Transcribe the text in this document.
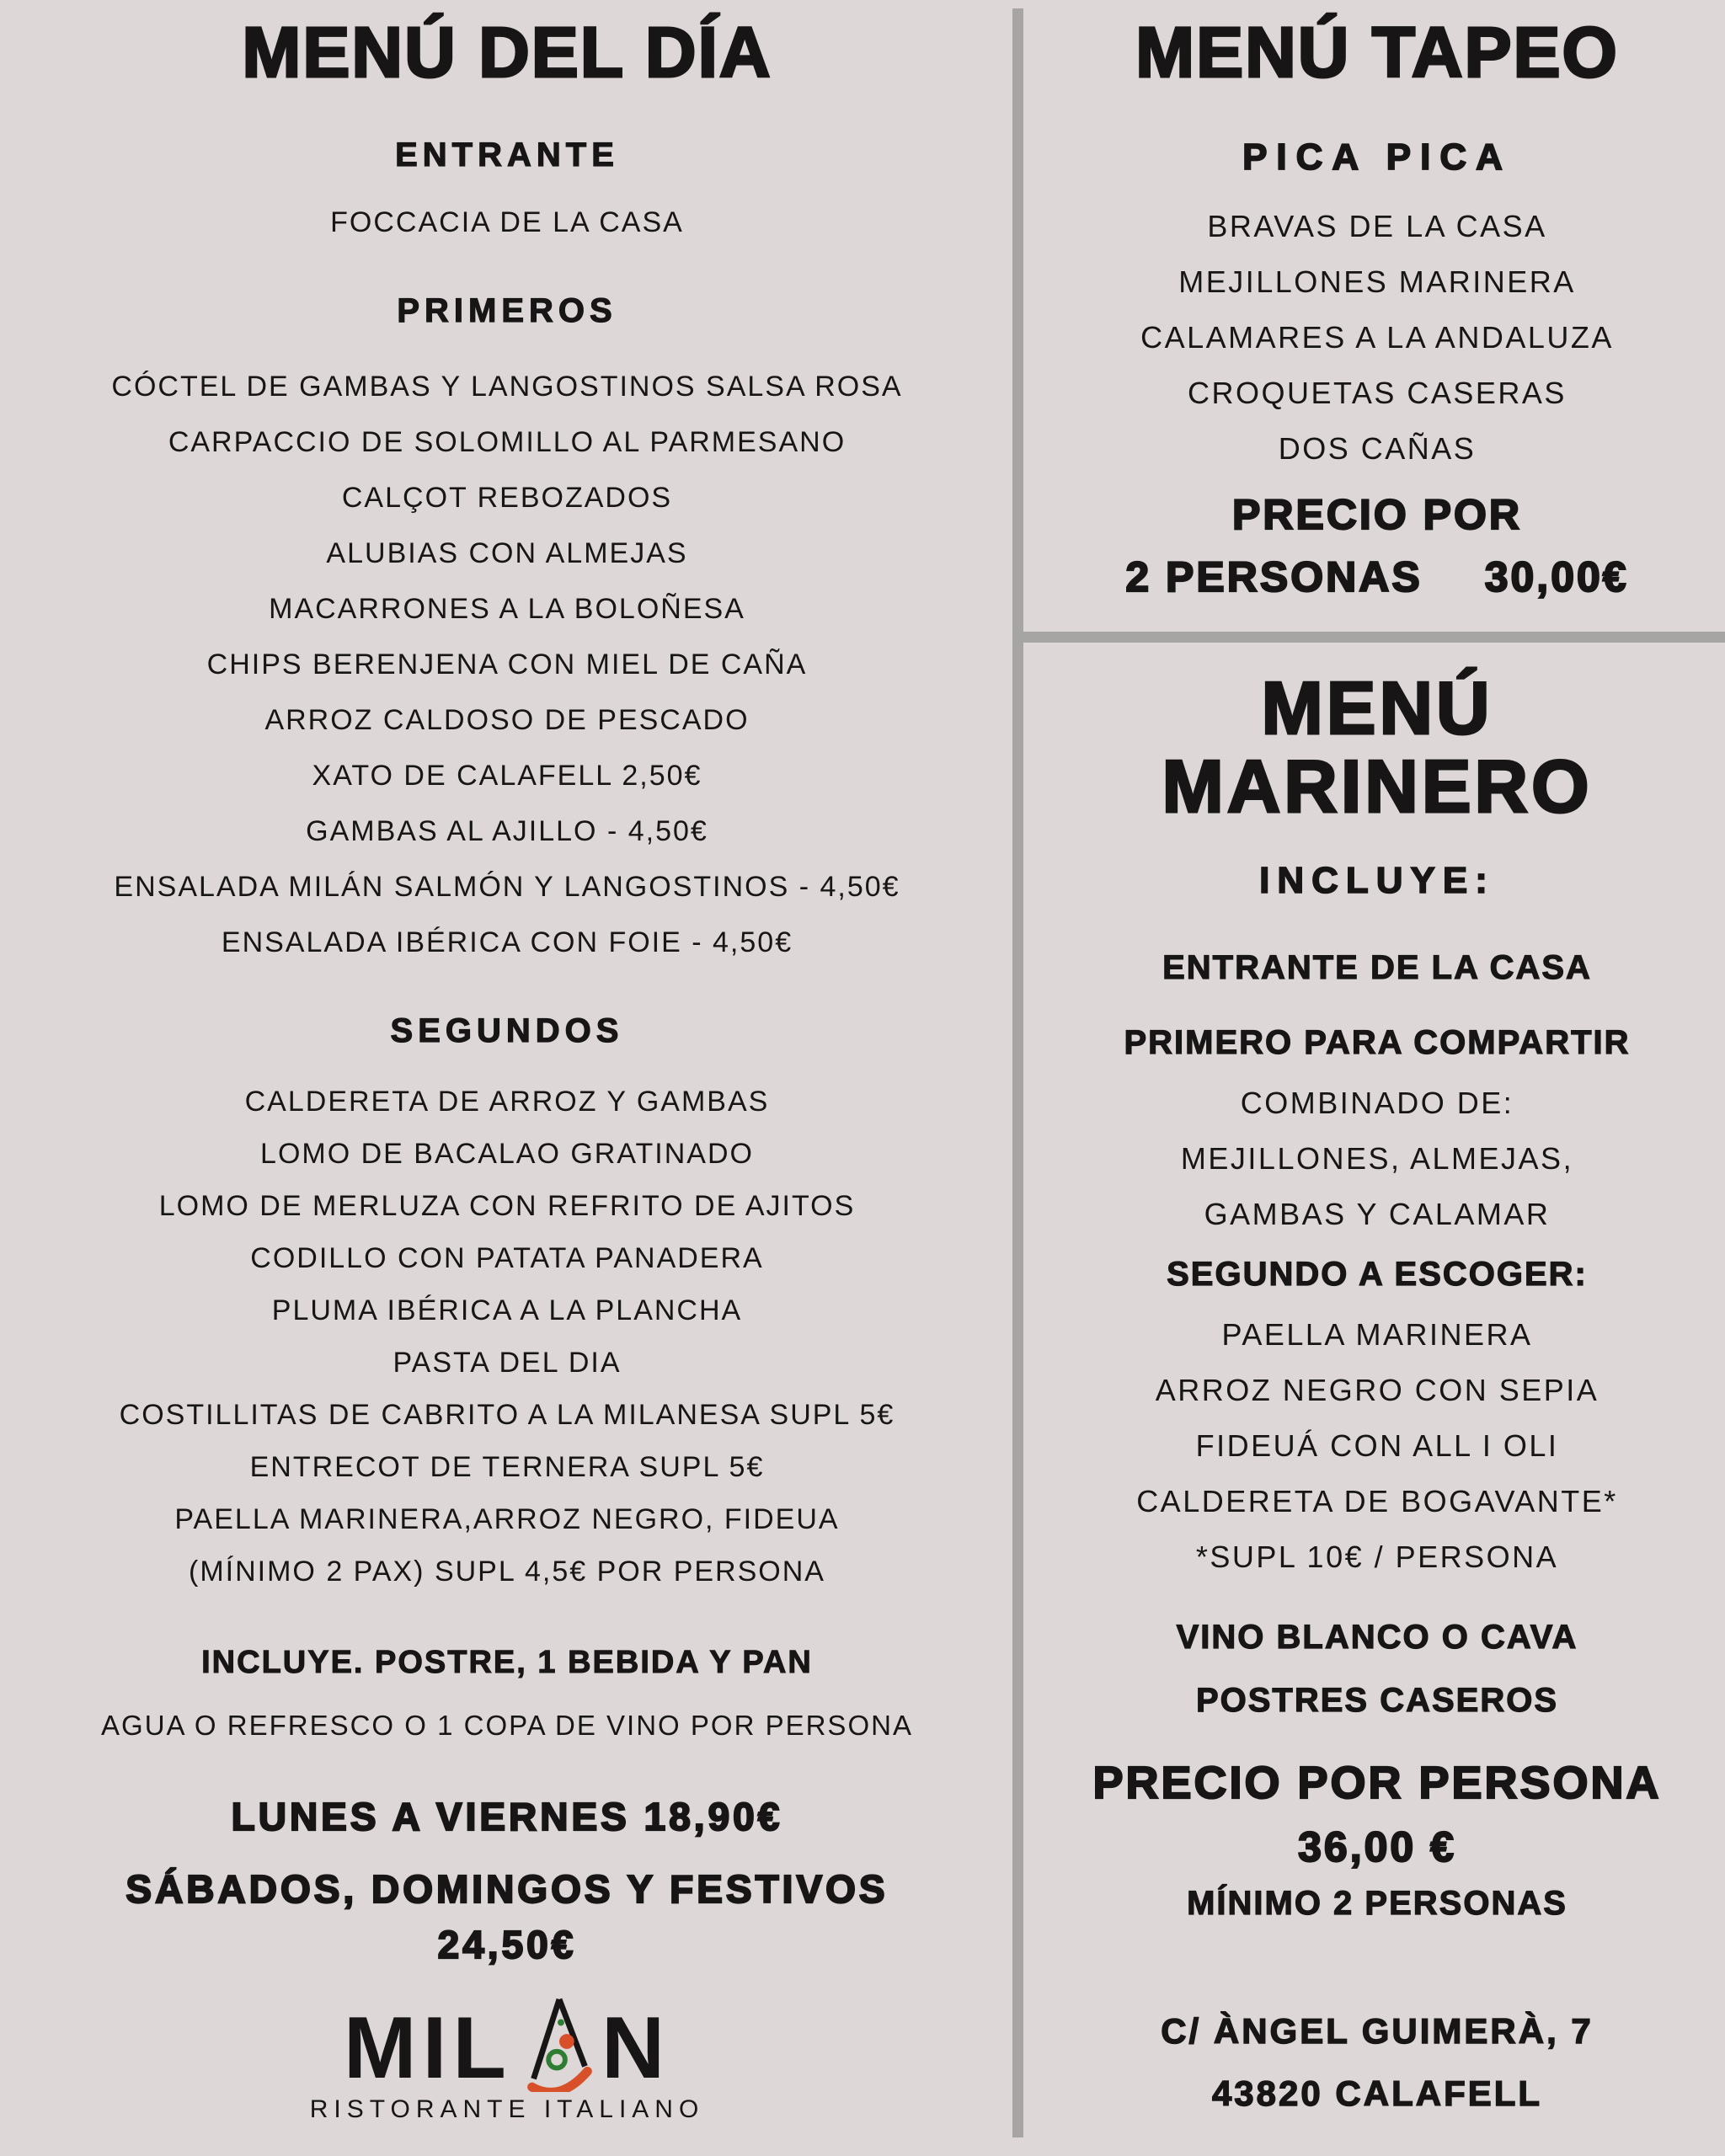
MENÚ DEL DÍA
ENTRANTE
FOCCACIA DE LA CASA
PRIMEROS
CÓCTEL DE GAMBAS Y LANGOSTINOS SALSA ROSA
CARPACCIO DE SOLOMILLO AL PARMESANO
CALÇOT REBOZADOS
ALUBIAS CON ALMEJAS
MACARRONES A LA BOLOÑESA
CHIPS BERENJENA CON MIEL DE CAÑA
ARROZ CALDOSO DE PESCADO
XATO DE CALAFELL 2,50€
GAMBAS AL AJILLO - 4,50€
ENSALADA MILÁN SALMÓN Y LANGOSTINOS - 4,50€
ENSALADA IBÉRICA CON FOIE - 4,50€
SEGUNDOS
CALDERETA DE ARROZ Y GAMBAS
LOMO DE BACALAO GRATINADO
LOMO DE MERLUZA CON REFRITO DE AJITOS
CODILLO CON PATATA PANADERA
PLUMA IBÉRICA A LA PLANCHA
PASTA DEL DIA
COSTILLITAS DE CABRITO A LA MILANESA SUPL 5€
ENTRECOT DE TERNERA SUPL 5€
PAELLA MARINERA,ARROZ NEGRO, FIDEUA
(MÍNIMO 2 PAX) SUPL 4,5€ POR PERSONA
INCLUYE. POSTRE, 1 BEBIDA Y PAN
AGUA O REFRESCO O 1 COPA DE VINO POR PERSONA
LUNES A VIERNES 18,90€
SÁBADOS, DOMINGOS Y FESTIVOS
24,50€
MIL N
RISTORANTE ITALIANO
MENÚ TAPEO
PICA PICA
BRAVAS DE LA CASA
MEJILLONES MARINERA
CALAMARES A LA ANDALUZA
CROQUETAS CASERAS
DOS CAÑAS
PRECIO POR
2 PERSONAS 30,00€
MENÚ
MARINERO
INCLUYE:
ENTRANTE DE LA CASA
PRIMERO PARA COMPARTIR
COMBINADO DE:
MEJILLONES, ALMEJAS,
GAMBAS Y CALAMAR
SEGUNDO A ESCOGER:
PAELLA MARINERA
ARROZ NEGRO CON SEPIA
FIDEUÁ CON ALL I OLI
CALDERETA DE BOGAVANTE*
*SUPL 10€ / PERSONA
VINO BLANCO O CAVA
POSTRES CASEROS
PRECIO POR PERSONA
36,00 €
MÍNIMO 2 PERSONAS
C/ ÀNGEL GUIMERÀ, 7
43820 CALAFELL
